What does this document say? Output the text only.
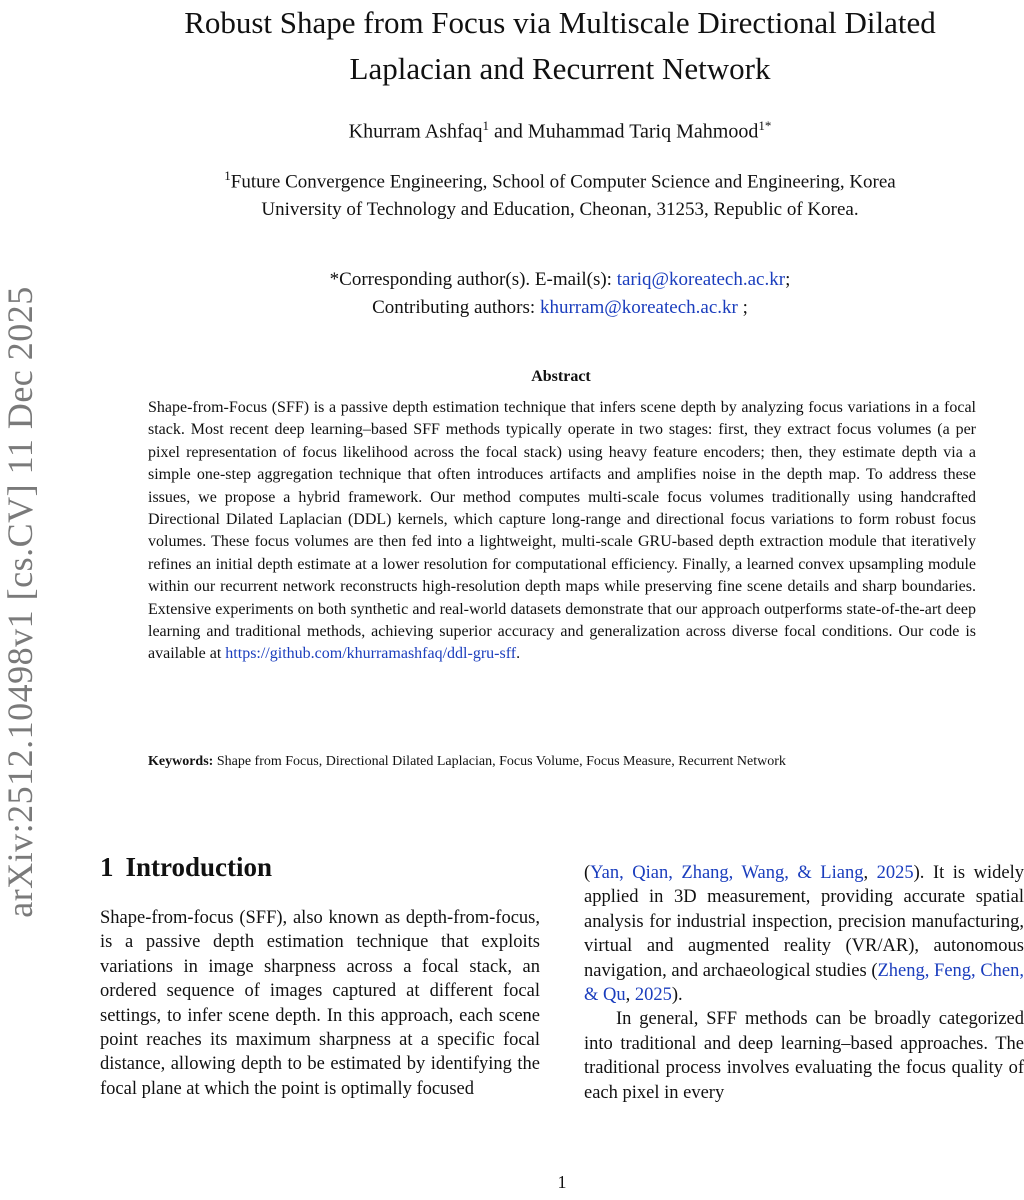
arXiv:2512.10498v1 [cs.CV] 11 Dec 2025
Robust Shape from Focus via Multiscale Directional Dilated
Laplacian and Recurrent Network
Khurram Ashfaq$^1$ and Muhammad Tariq Mahmood$^{1*}$
$^1$Future Convergence Engineering, School of Computer Science and Engineering, Korea
University of Technology and Education, Cheonan, 31253, Republic of Korea.
*Corresponding author(s). E-mail(s): tariq@koreatech.ac.kr;
Contributing authors: khurram@koreatech.ac.kr ;
Abstract

Shape-from-Focus (SFF) is a passive depth estimation technique that infers scene depth by analyzing focus variations in a focal stack. Most recent deep learning–based SFF methods typically operate in two stages: first, they extract focus volumes (a per pixel representation of focus likelihood across the focal stack) using heavy feature encoders; then, they estimate depth via a simple one-step aggregation technique that often introduces artifacts and amplifies noise in the depth map. To address these issues, we propose a hybrid framework. Our method computes multi-scale focus volumes traditionally using handcrafted Directional Dilated Laplacian (DDL) kernels, which capture long-range and directional focus variations to form robust focus volumes. These focus volumes are then fed into a lightweight, multi-scale GRU-based depth extraction module that iteratively refines an initial depth estimate at a lower resolution for computational efficiency. Finally, a learned convex upsampling module within our recurrent network reconstructs high-resolution depth maps while preserving fine scene details and sharp boundaries. Extensive experiments on both synthetic and real-world datasets demonstrate that our approach outperforms state-of-the-art deep learning and traditional methods, achieving superior accuracy and generalization across diverse focal conditions. Our code is available at https://github.com/khurramashfaq/ddl-gru-sff.

Keywords: Shape from Focus, Directional Dilated Laplacian, Focus Volume, Focus Measure, Recurrent Network

1 Introduction

Shape-from-focus (SFF), also known as depth-from-focus, is a passive depth estimation technique that exploits variations in image sharpness across a focal stack, an ordered sequence of images captured at different focal settings, to infer scene depth. In this approach, each scene point reaches its maximum sharpness at a specific focal distance, allowing depth to be estimated by identifying the focal plane at which the point is optimally focused

(Yan, Qian, Zhang, Wang, & Liang, 2025). It is widely applied in 3D measurement, providing accurate spatial analysis for industrial inspection, precision manufacturing, virtual and augmented reality (VR/AR), autonomous navigation, and archaeological studies (Zheng, Feng, Chen, & Qu, 2025).

In general, SFF methods can be broadly categorized into traditional and deep learning–based approaches. The traditional process involves evaluating the focus quality of each pixel in every

1
